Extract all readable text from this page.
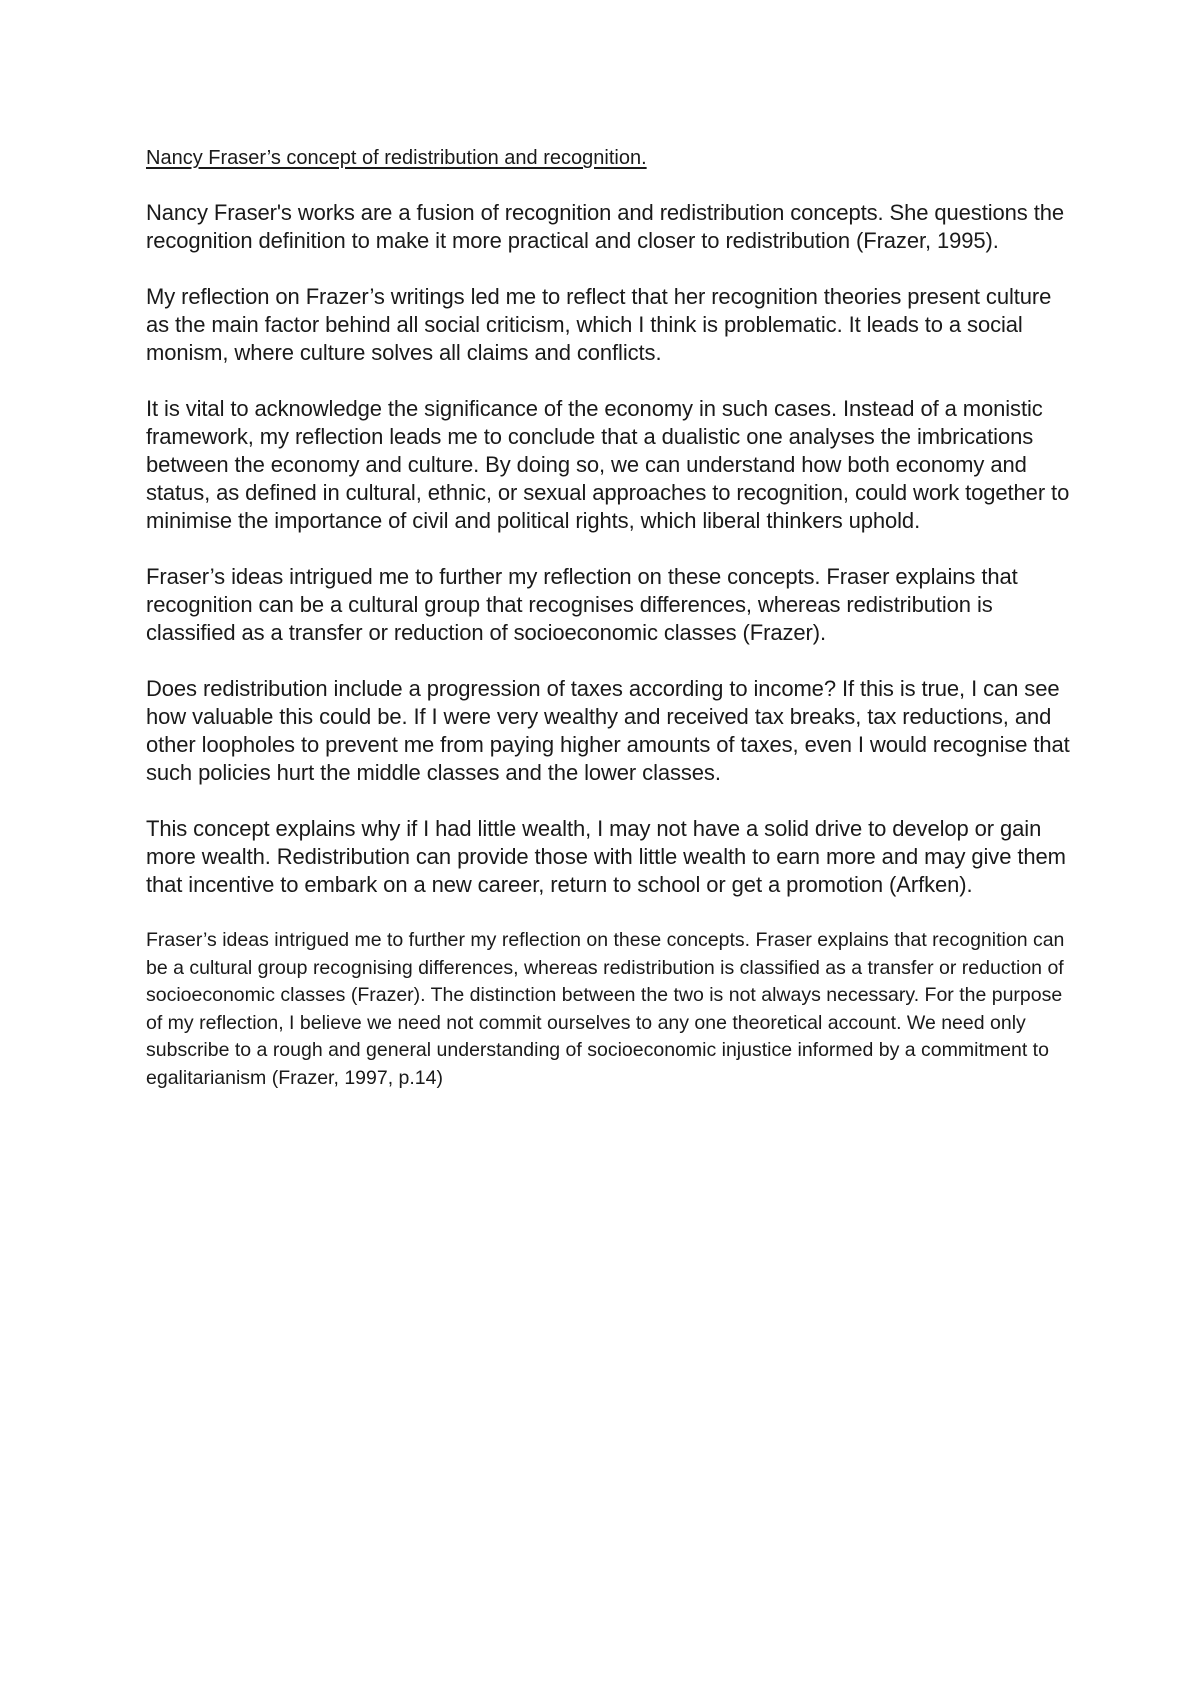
Nancy Fraser’s concept of redistribution and recognition.

Nancy Fraser's works are a fusion of recognition and redistribution concepts. She questions the recognition definition to make it more practical and closer to redistribution (Frazer, 1995).

My reflection on Frazer’s writings led me to reflect that her recognition theories present culture as the main factor behind all social criticism, which I think is problematic. It leads to a social monism, where culture solves all claims and conflicts.

It is vital to acknowledge the significance of the economy in such cases. Instead of a monistic framework, my reflection leads me to conclude that a dualistic one analyses the imbrications between the economy and culture. By doing so, we can understand how both economy and status, as defined in cultural, ethnic, or sexual approaches to recognition, could work together to minimise the importance of civil and political rights, which liberal thinkers uphold.

Fraser’s ideas intrigued me to further my reflection on these concepts. Fraser explains that recognition can be a cultural group that recognises differences, whereas redistribution is classified as a transfer or reduction of socioeconomic classes (Frazer).

Does redistribution include a progression of taxes according to income? If this is true, I can see how valuable this could be. If I were very wealthy and received tax breaks, tax reductions, and other loopholes to prevent me from paying higher amounts of taxes, even I would recognise that such policies hurt the middle classes and the lower classes.

This concept explains why if I had little wealth, I may not have a solid drive to develop or gain more wealth. Redistribution can provide those with little wealth to earn more and may give them that incentive to embark on a new career, return to school or get a promotion (Arfken).

Fraser’s ideas intrigued me to further my reflection on these concepts. Fraser explains that recognition can be a cultural group recognising differences, whereas redistribution is classified as a transfer or reduction of socioeconomic classes (Frazer). The distinction between the two is not always necessary. For the purpose of my reflection, I believe we need not commit ourselves to any one theoretical account. We need only subscribe to a rough and general understanding of socioeconomic injustice informed by a commitment to egalitarianism (Frazer, 1997, p.14)
